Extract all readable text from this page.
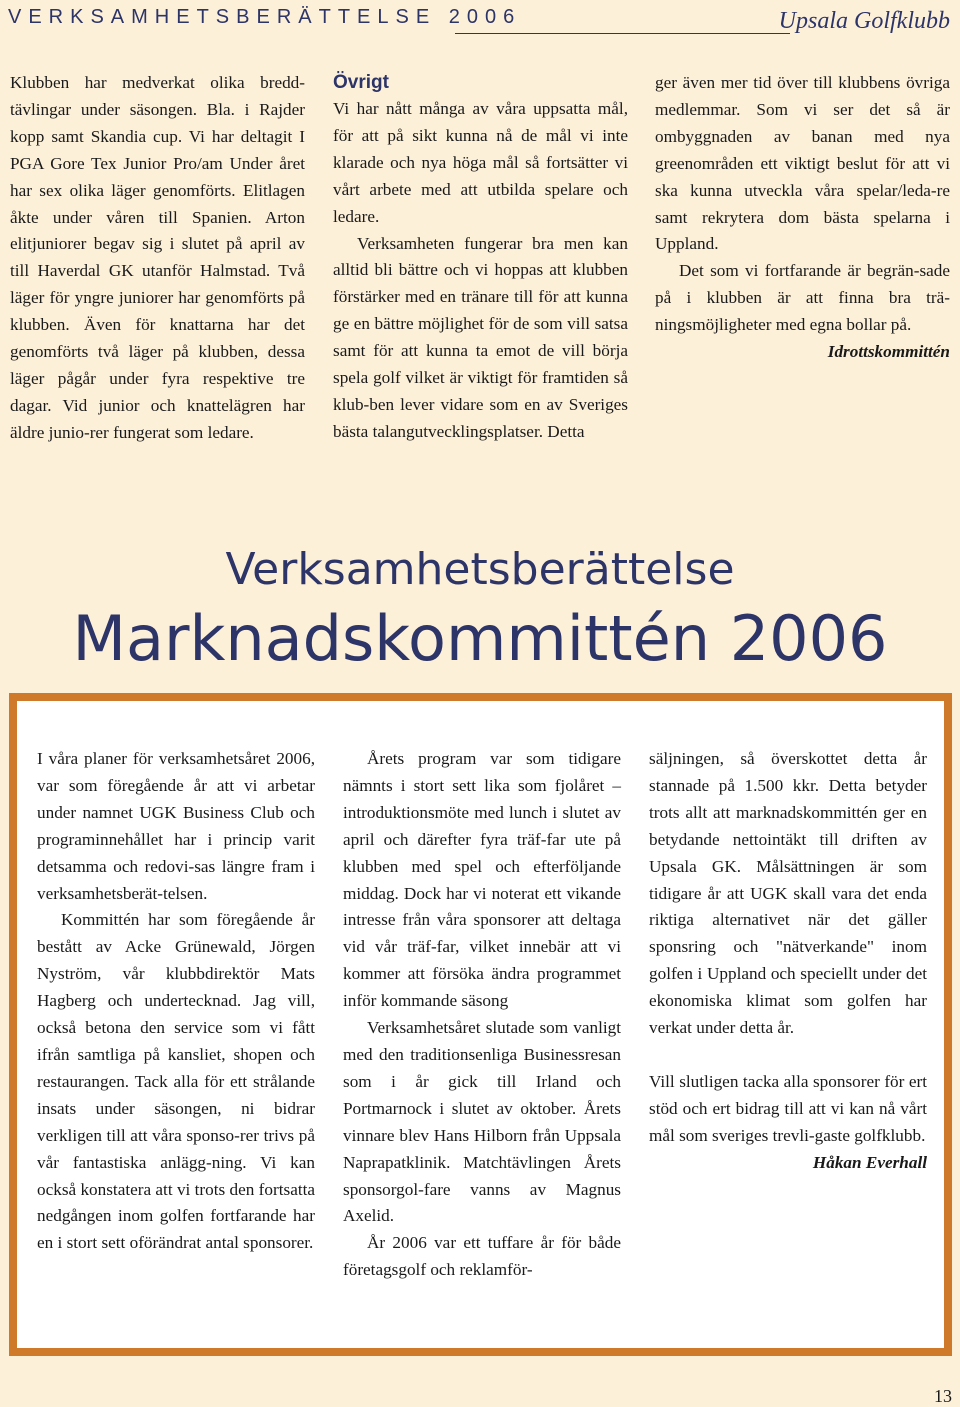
VERKSAMHETSBERÄTTELSE 2006	Upsala Golfklubb

Klubben har medverkat olika bredd-tävlingar under säsongen. Bla. i Rajder kopp samt Skandia cup. Vi har deltagit I PGA Gore Tex Junior Pro/am Under året har sex olika läger genomförts. Elitlagen åkte under våren till Spanien. Arton elitjuniorer begav sig i slutet på april av till Haverdal GK utanför Halmstad. Två läger för yngre juniorer har genomförts på klubben. Även för knattarna har det genomförts två läger på klubben, dessa läger pågår under fyra respektive tre dagar. Vid junior och knattelägren har äldre junio-rer fungerat som ledare.

Övrigt

Vi har nått många av våra uppsatta mål, för att på sikt kunna nå de mål vi inte klarade och nya höga mål så fortsätter vi vårt arbete med att utbilda spelare och ledare.

Verksamheten fungerar bra men kan alltid bli bättre och vi hoppas att klubben förstärker med en tränare till för att kunna ge en bättre möjlighet för de som vill satsa samt för att kunna ta emot de vill börja spela golf vilket är viktigt för framtiden så klub-ben lever vidare som en av Sveriges bästa talangutvecklingsplatser. Detta

ger även mer tid över till klubbens övriga medlemmar. Som vi ser det så är ombyggnaden av banan med nya greenområden ett viktigt beslut för att vi ska kunna utveckla våra spelar/leda-re samt rekrytera dom bästa spelarna i Uppland.

Det som vi fortfarande är begrän-sade på i klubben är att finna bra trä-ningsmöjligheter med egna bollar på.

Idrottskommittén

Verksamhetsberättelse
Marknadskommittén 2006

I våra planer för verksamhetsåret 2006, var som föregående år att vi arbetar under namnet UGK Business Club och programinnehållet har i princip varit detsamma och redovi-sas längre fram i verksamhetsberät-telsen.

Kommittén har som föregående år bestått av Acke Grünewald, Jörgen Nyström, vår klubbdirektör Mats Hagberg och undertecknad. Jag vill, också betona den service som vi fått ifrån samtliga på kansliet, shopen och restaurangen. Tack alla för ett strålande insats under säsongen, ni bidrar verkligen till att våra sponso-rer trivs på vår fantastiska anlägg-ning. Vi kan också konstatera att vi trots den fortsatta nedgången inom golfen fortfarande har en i stort sett oförändrat antal sponsorer.

Årets program var som tidigare nämnts i stort sett lika som fjolåret – introduktionsmöte med lunch i slutet av april och därefter fyra träf-far ute på klubben med spel och efterföljande middag. Dock har vi noterat ett vikande intresse från våra sponsorer att deltaga vid vår träf-far, vilket innebär att vi kommer att försöka ändra programmet inför kommande säsong

Verksamhetsåret slutade som vanligt med den traditionsenliga Businessresan som i år gick till Irland och Portmarnock i slutet av oktober. Årets vinnare blev Hans Hilborn från Uppsala Naprapatklinik. Matchtävlingen Årets sponsorgol-fare vanns av Magnus Axelid.

År 2006 var ett tuffare år för både företagsgolf och reklamför-

säljningen, så överskottet detta år stannade på 1.500 kkr. Detta betyder trots allt att marknadskommittén ger en betydande nettointäkt till driften av Upsala GK. Målsättningen är som tidigare år att UGK skall vara det enda riktiga alternativet när det gäller sponsring och "nätverkande" inom golfen i Uppland och speciellt under det ekonomiska klimat som golfen har verkat under detta år.

Vill slutligen tacka alla sponsorer för ert stöd och ert bidrag till att vi kan nå vårt mål som sveriges trevli-gaste golfklubb.

Håkan Everhall

13
